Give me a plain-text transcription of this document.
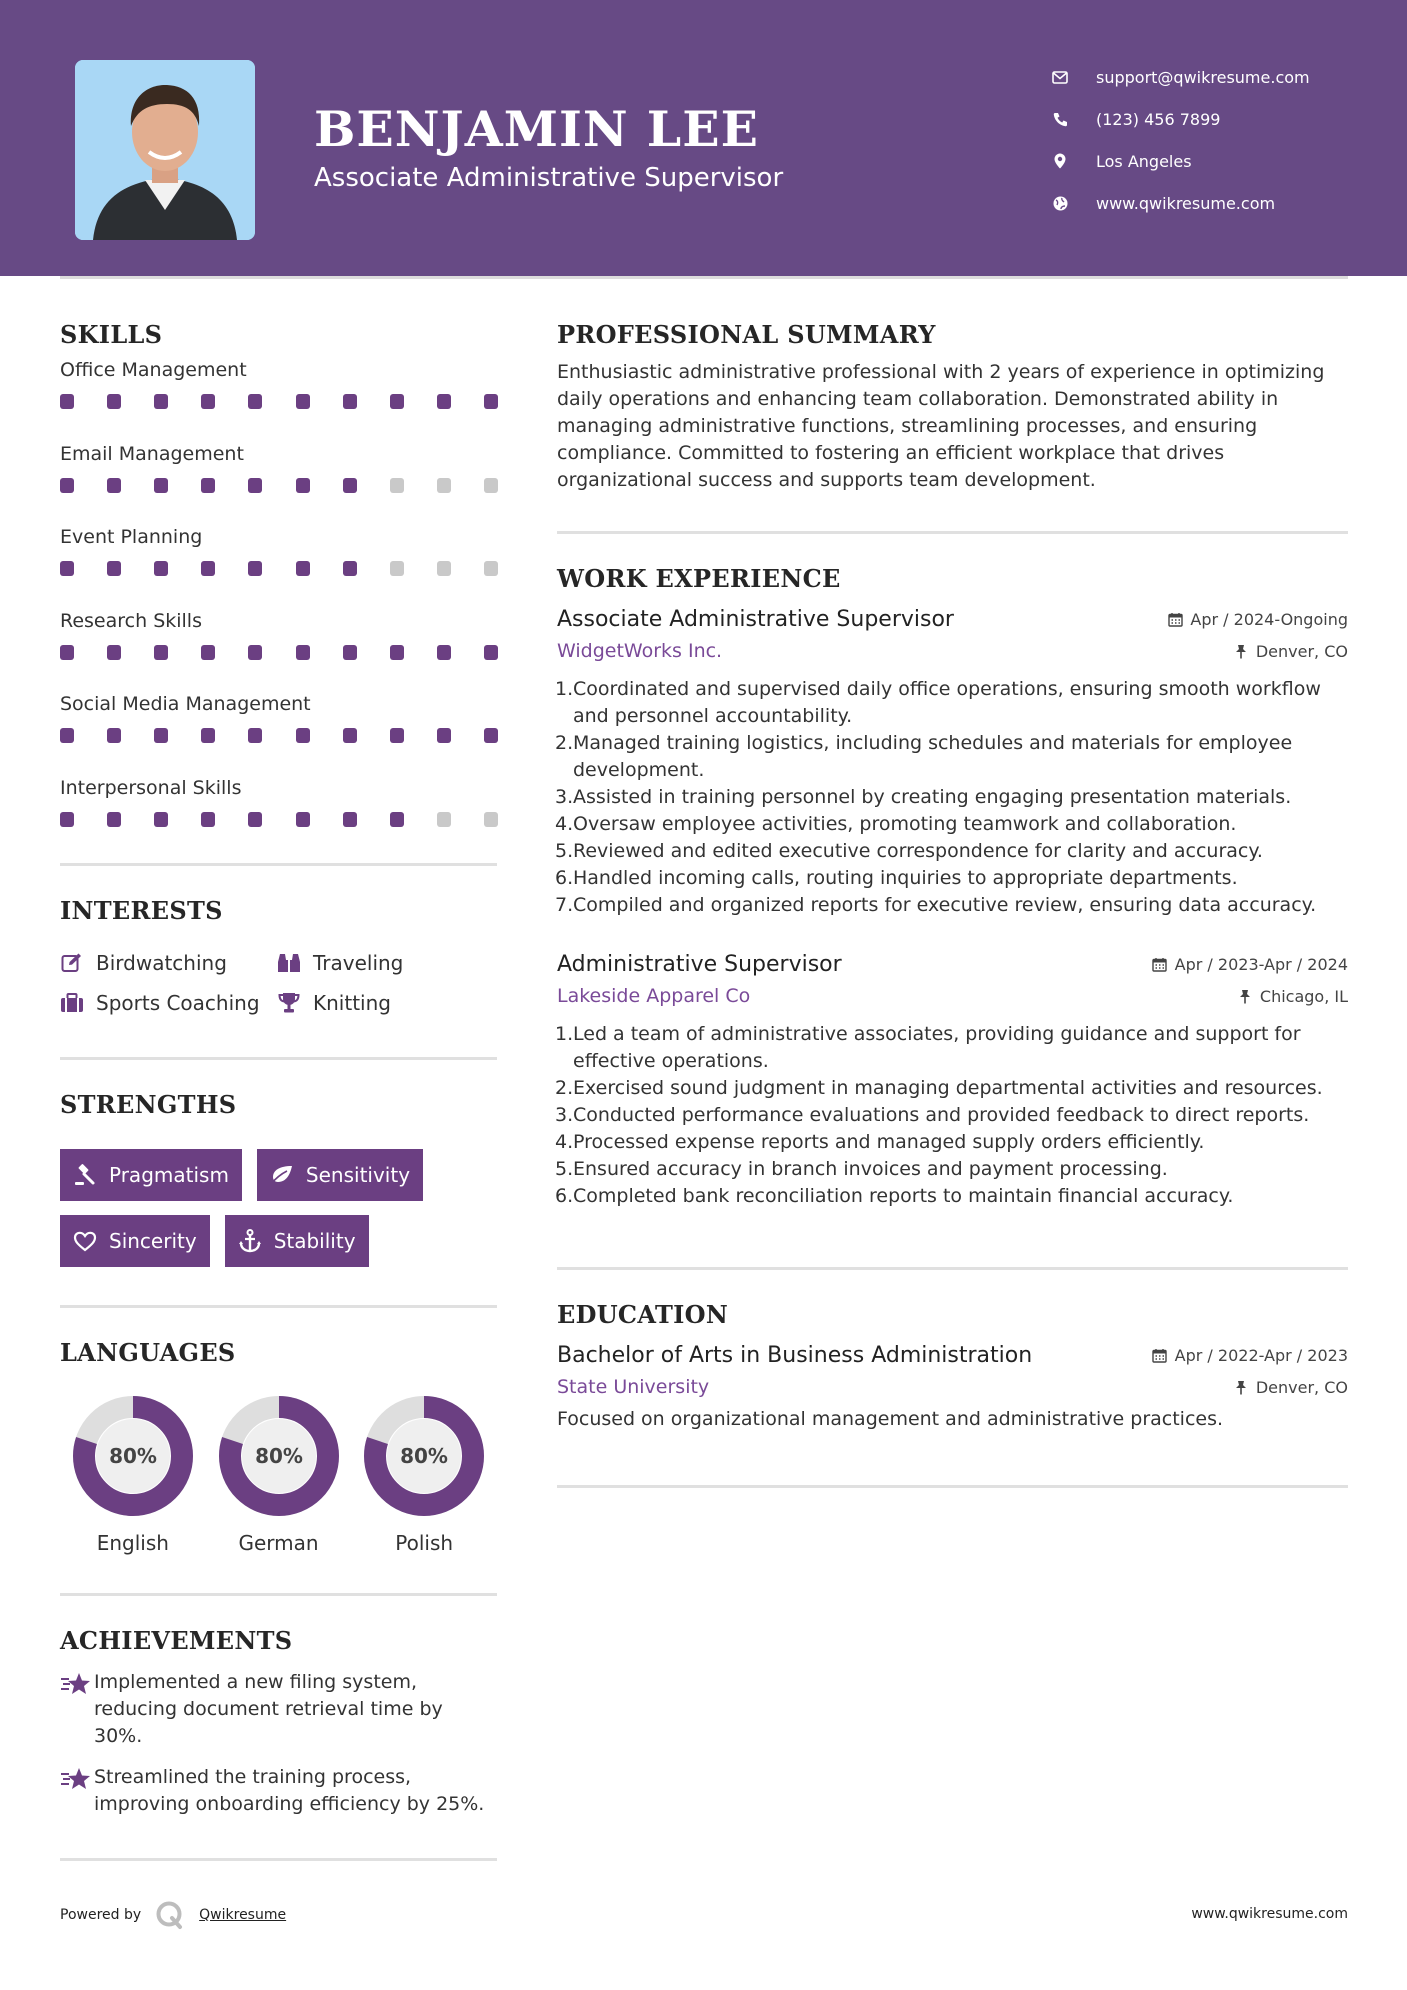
BENJAMIN LEE
Associate Administrative Supervisor
support@qwikresume.com
(123) 456 7899
Los Angeles
www.qwikresume.com
SKILLS
Office Management
Email Management
Event Planning
Research Skills
Social Media Management
Interpersonal Skills
INTERESTS
Birdwatching	Traveling
Sports Coaching	Knitting
STRENGTHS
Pragmatism	Sensitivity
Sincerity	Stability
LANGUAGES
80%
English
80%
German
80%
Polish
ACHIEVEMENTS
Implemented a new filing system, reducing document retrieval time by 30%.
Streamlined the training process, improving onboarding efficiency by 25%.
PROFESSIONAL SUMMARY

Enthusiastic administrative professional with 2 years of experience in optimizing daily operations and enhancing team collaboration. Demonstrated ability in managing administrative functions, streamlining processes, and ensuring compliance. Committed to fostering an efficient workplace that drives organizational success and supports team development.

WORK EXPERIENCE
Associate Administrative Supervisor	Apr / 2024-Ongoing
WidgetWorks Inc.	Denver, CO
1. Coordinated and supervised daily office operations, ensuring smooth workflow and personnel accountability.
2. Managed training logistics, including schedules and materials for employee development.
3. Assisted in training personnel by creating engaging presentation materials.
4. Oversaw employee activities, promoting teamwork and collaboration.
5. Reviewed and edited executive correspondence for clarity and accuracy.
6. Handled incoming calls, routing inquiries to appropriate departments.
7. Compiled and organized reports for executive review, ensuring data accuracy.
Administrative Supervisor	Apr / 2023-Apr / 2024
Lakeside Apparel Co	Chicago, IL
1. Led a team of administrative associates, providing guidance and support for effective operations.
2. Exercised sound judgment in managing departmental activities and resources.
3. Conducted performance evaluations and provided feedback to direct reports.
4. Processed expense reports and managed supply orders efficiently.
5. Ensured accuracy in branch invoices and payment processing.
6. Completed bank reconciliation reports to maintain financial accuracy.
EDUCATION
Bachelor of Arts in Business Administration	Apr / 2022-Apr / 2023
State University	Denver, CO

Focused on organizational management and administrative practices.

Powered by	Qwikresume	www.qwikresume.com
